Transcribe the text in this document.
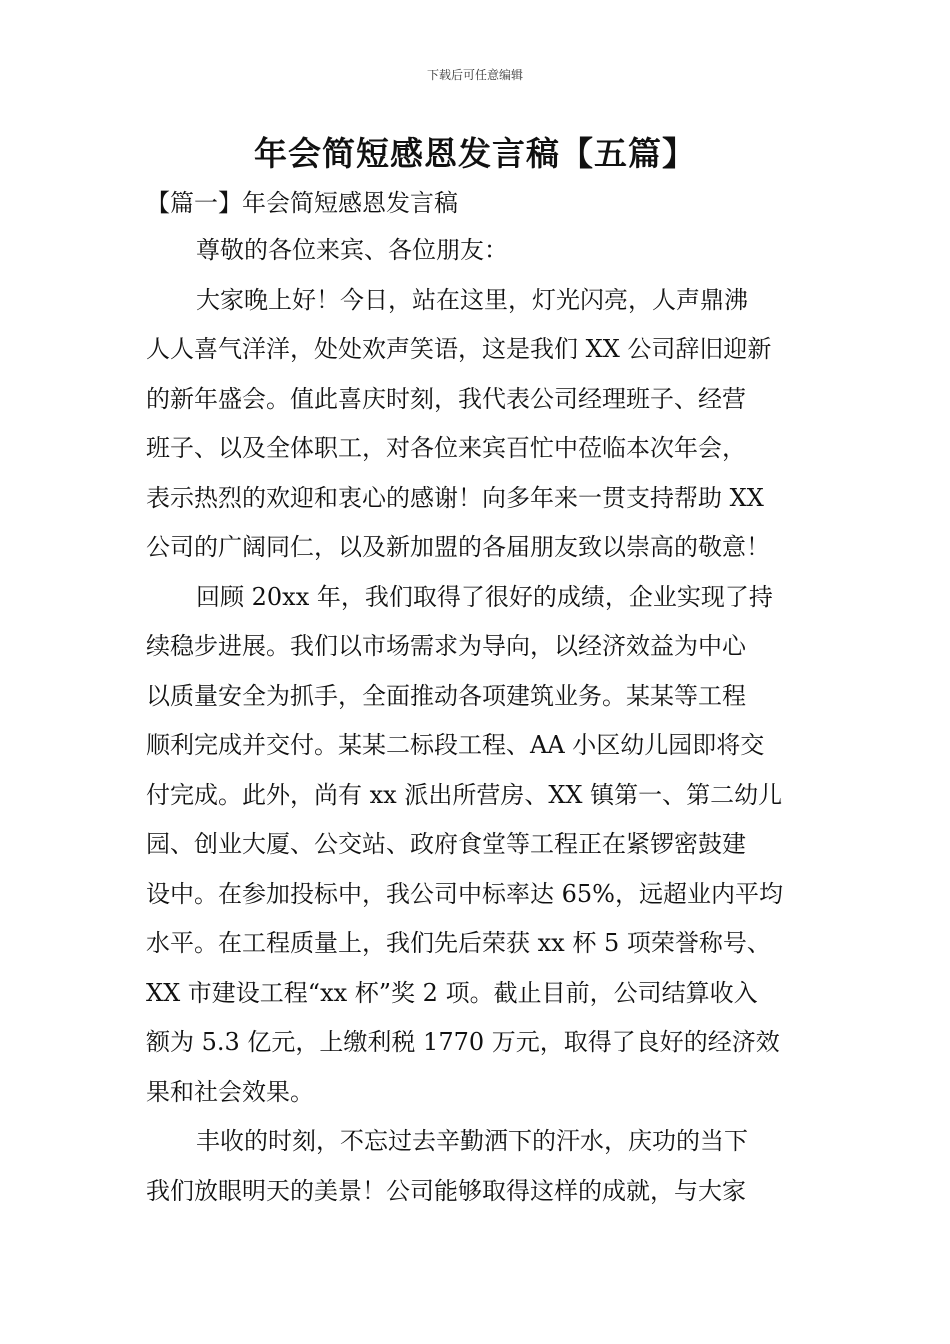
下载后可任意编辑
年会简短感恩发言稿【五篇】
【篇一】年会简短感恩发言稿
尊敬的各位来宾、各位朋友：
大家晚上好！今日，站在这里，灯光闪亮，人声鼎沸
人人喜气洋洋，处处欢声笑语，这是我们 XX 公司辞旧迎新
的新年盛会。值此喜庆时刻，我代表公司经理班子、经营
班子、以及全体职工，对各位来宾百忙中莅临本次年会，
表示热烈的欢迎和衷心的感谢！向多年来一贯支持帮助 XX
公司的广阔同仁，以及新加盟的各届朋友致以崇高的敬意！
回顾 20xx 年，我们取得了很好的成绩，企业实现了持
续稳步进展。我们以市场需求为导向，以经济效益为中心
以质量安全为抓手，全面推动各项建筑业务。某某等工程
顺利完成并交付。某某二标段工程、AA 小区幼儿园即将交
付完成。此外，尚有 xx 派出所营房、XX 镇第一、第二幼儿
园、创业大厦、公交站、政府食堂等工程正在紧锣密鼓建
设中。在参加投标中，我公司中标率达 65%，远超业内平均
水平。在工程质量上，我们先后荣获 xx 杯 5 项荣誉称号、
XX 市建设工程“xx 杯”奖 2 项。截止目前，公司结算收入
额为 5.3 亿元，上缴利税 1770 万元，取得了良好的经济效
果和社会效果。
丰收的时刻，不忘过去辛勤洒下的汗水，庆功的当下
我们放眼明天的美景！公司能够取得这样的成就，与大家
